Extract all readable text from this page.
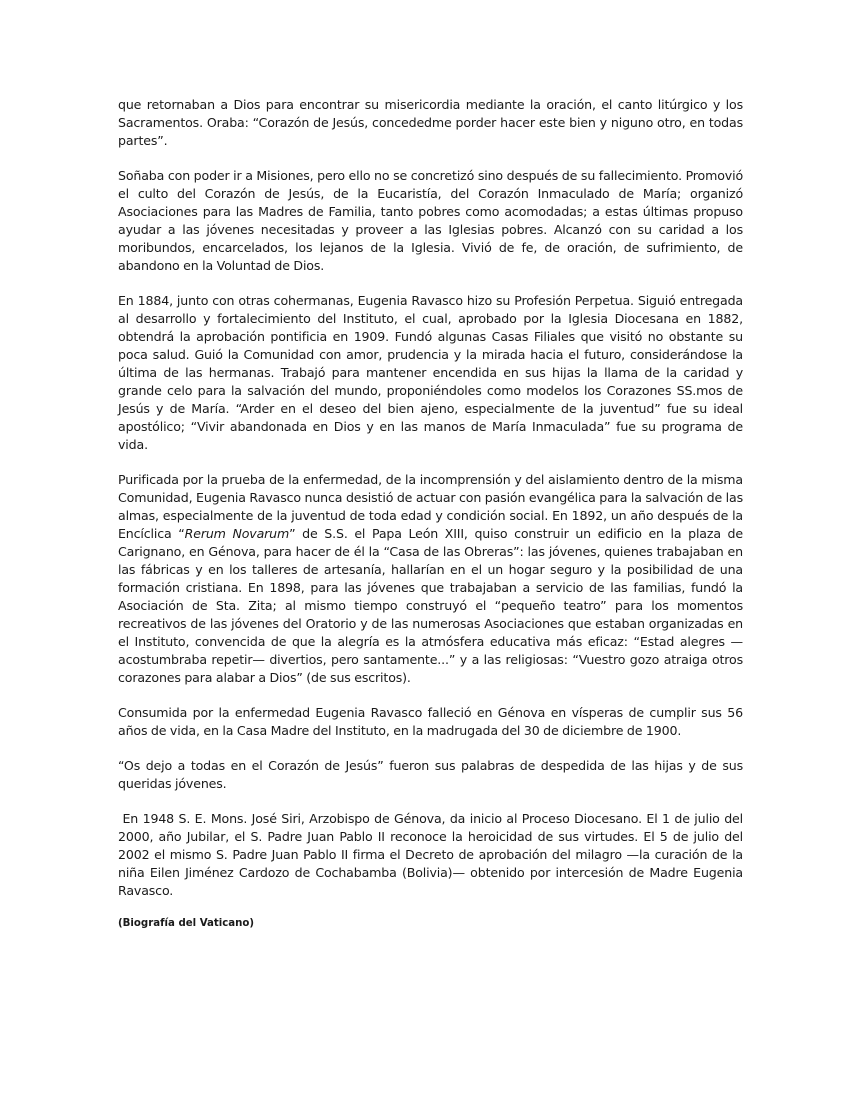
que retornaban a Dios para encontrar su misericordia mediante la oración, el canto litúrgico y los Sacramentos. Oraba: “Corazón de Jesús, concededme porder hacer este bien y niguno otro, en todas partes”.

Soñaba con poder ir a Misiones, pero ello no se concretizó sino después de su fallecimiento. Promovió el culto del Corazón de Jesús, de la Eucaristía, del Corazón Inmaculado de María; organizó Asociaciones para las Madres de Familia, tanto pobres como acomodadas; a estas últimas propuso ayudar a las jóvenes necesitadas y proveer a las Iglesias pobres. Alcanzó con su caridad a los moribundos, encarcelados, los lejanos de la Iglesia. Vivió de fe, de oración, de sufrimiento, de abandono en la Voluntad de Dios.

En 1884, junto con otras cohermanas, Eugenia Ravasco hizo su Profesión Perpetua. Siguió entregada al desarrollo y fortalecimiento del Instituto, el cual, aprobado por la Iglesia Diocesana en 1882, obtendrá la aprobación pontificia en 1909. Fundó algunas Casas Filiales que visitó no obstante su poca salud. Guió la Comunidad con amor, prudencia y la mirada hacia el futuro, considerándose la última de las hermanas. Trabajó para mantener encendida en sus hijas la llama de la caridad y grande celo para la salvación del mundo, proponiéndoles como modelos los Corazones SS.mos de Jesús y de María. “Arder en el deseo del bien ajeno, especialmente de la juventud” fue su ideal apostólico; “Vivir abandonada en Dios y en las manos de María Inmaculada” fue su programa de vida.

Purificada por la prueba de la enfermedad, de la incomprensión y del aislamiento dentro de la misma Comunidad, Eugenia Ravasco nunca desistió de actuar con pasión evangélica para la salvación de las almas, especialmente de la juventud de toda edad y condición social. En 1892, un año después de la Encíclica “Rerum Novarum” de S.S. el Papa León XIII, quiso construir un edificio en la plaza de Carignano, en Génova, para hacer de él la “Casa de las Obreras”: las jóvenes, quienes trabajaban en las fábricas y en los talleres de artesanía, hallarían en el un hogar seguro y la posibilidad de una formación cristiana. En 1898, para las jóvenes que trabajaban a servicio de las familias, fundó la Asociación de Sta. Zita; al mismo tiempo construyó el “pequeño teatro” para los momentos recreativos de las jóvenes del Oratorio y de las numerosas Asociaciones que estaban organizadas en el Instituto, convencida de que la alegría es la atmósfera educativa más eficaz: “Estad alegres —acostumbraba repetir— divertios, pero santamente...” y a las religiosas: “Vuestro gozo atraiga otros corazones para alabar a Dios” (de sus escritos).

Consumida por la enfermedad Eugenia Ravasco falleció en Génova en vísperas de cumplir sus 56 años de vida, en la Casa Madre del Instituto, en la madrugada del 30 de diciembre de 1900.

“Os dejo a todas en el Corazón de Jesús” fueron sus palabras de despedida de las hijas y de sus queridas jóvenes.

En 1948 S. E. Mons. José Siri, Arzobispo de Génova, da inicio al Proceso Diocesano. El 1 de julio del 2000, año Jubilar, el S. Padre Juan Pablo II reconoce la heroicidad de sus virtudes. El 5 de julio del 2002 el mismo S. Padre Juan Pablo II firma el Decreto de aprobación del milagro —la curación de la niña Eilen Jiménez Cardozo de Cochabamba (Bolivia)— obtenido por intercesión de Madre Eugenia Ravasco.

(Biografía del Vaticano)
